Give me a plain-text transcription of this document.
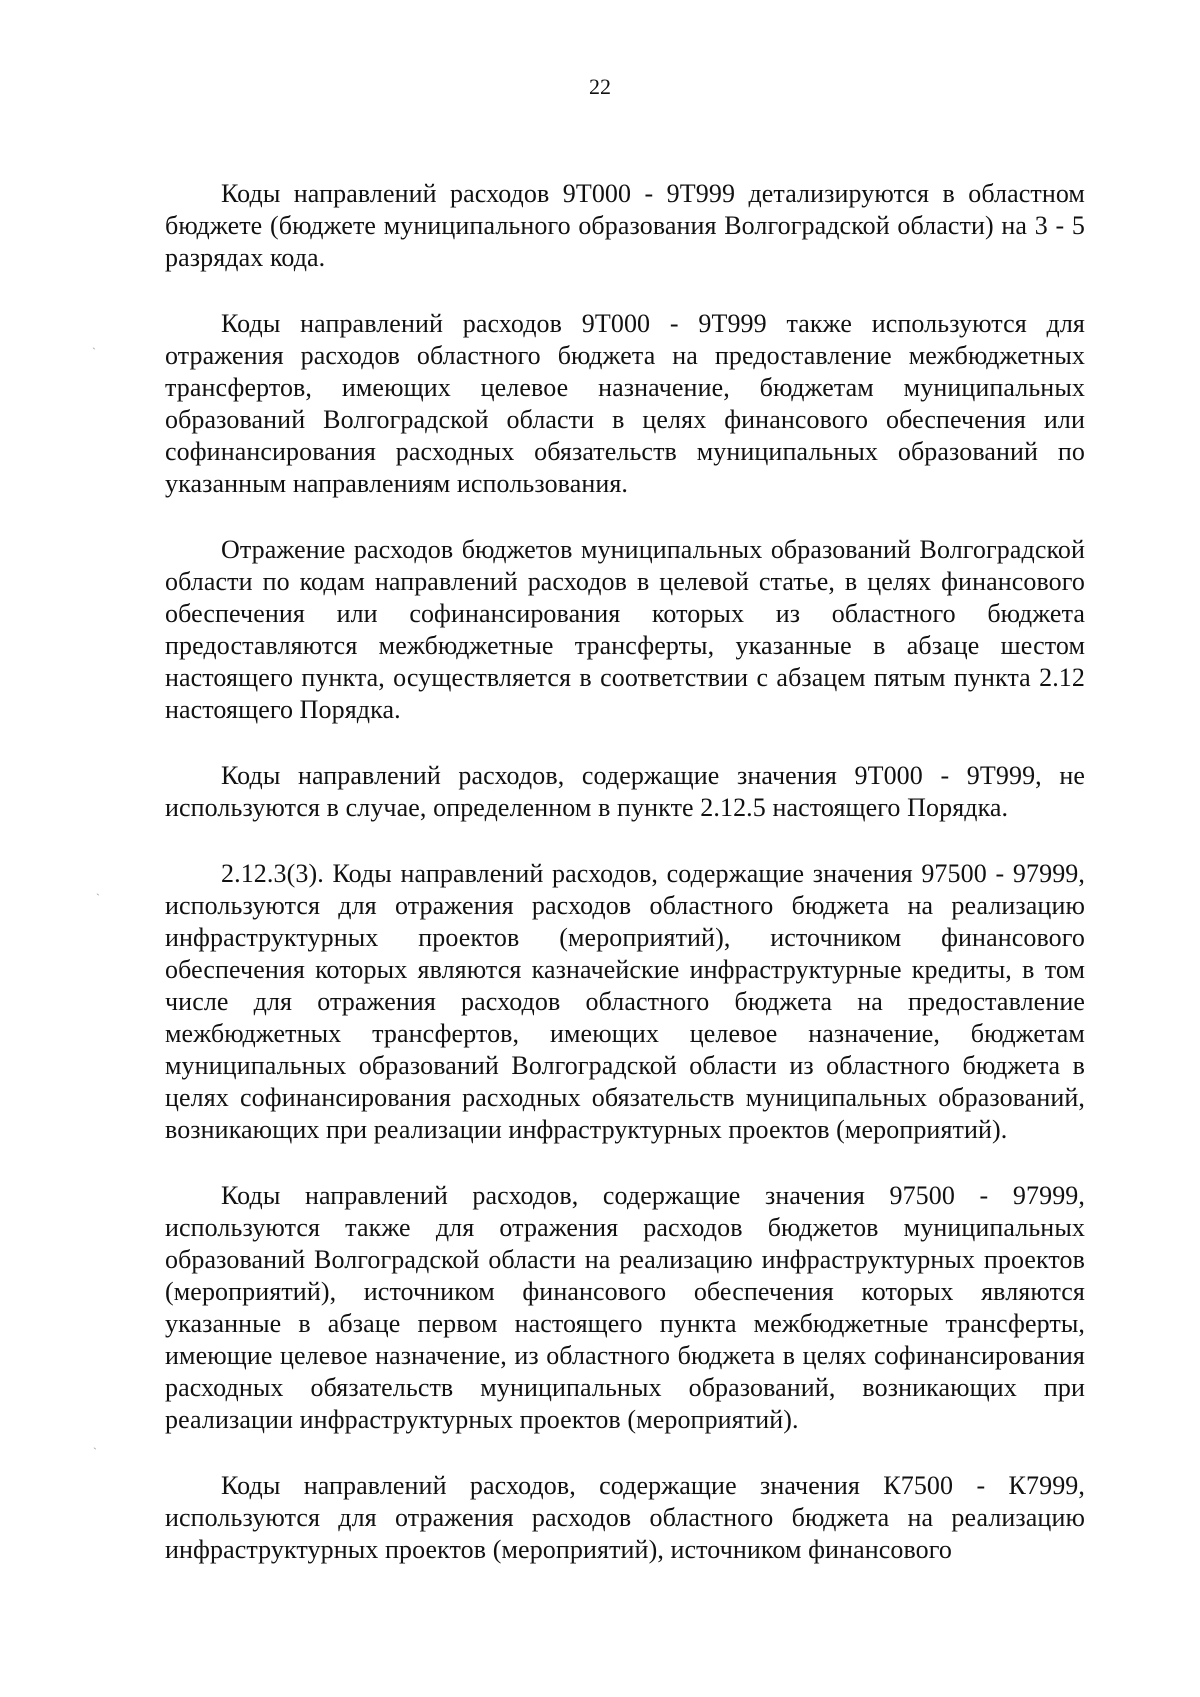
22

Коды направлений расходов 9Т000 - 9Т999 детализируются в областном бюджете (бюджете муниципального образования Волгоградской области) на 3 - 5 разрядах кода.

Коды направлений расходов 9Т000 - 9Т999 также используются для отражения расходов областного бюджета на предоставление межбюджетных трансфертов, имеющих целевое назначение, бюджетам муниципальных образований Волгоградской области в целях финансового обеспечения или софинансирования расходных обязательств муниципальных образований по указанным направлениям использования.

Отражение расходов бюджетов муниципальных образований Волгоградской области по кодам направлений расходов в целевой статье, в целях финансового обеспечения или софинансирования которых из областного бюджета предоставляются межбюджетные трансферты, указанные в абзаце шестом настоящего пункта, осуществляется в соответствии с абзацем пятым пункта 2.12 настоящего Порядка.

Коды направлений расходов, содержащие значения 9Т000 - 9Т999, не используются в случае, определенном в пункте 2.12.5 настоящего Порядка.

2.12.3(3). Коды направлений расходов, содержащие значения 97500 - 97999, используются для отражения расходов областного бюджета на реализацию инфраструктурных проектов (мероприятий), источником финансового обеспечения которых являются казначейские инфраструктурные кредиты, в том числе для отражения расходов областного бюджета на предоставление межбюджетных трансфертов, имеющих целевое назначение, бюджетам муниципальных образований Волгоградской области из областного бюджета в целях софинансирования расходных обязательств муниципальных образований, возникающих при реализации инфраструктурных проектов (мероприятий).

Коды направлений расходов, содержащие значения 97500 - 97999, используются также для отражения расходов бюджетов муниципальных образований Волгоградской области на реализацию инфраструктурных проектов (мероприятий), источником финансового обеспечения которых являются указанные в абзаце первом настоящего пункта межбюджетные трансферты, имеющие целевое назначение, из областного бюджета в целях софинансирования расходных обязательств муниципальных образований, возникающих при реализации инфраструктурных проектов (мероприятий).

Коды направлений расходов, содержащие значения К7500 - К7999, используются для отражения расходов областного бюджета на реализацию инфраструктурных проектов (мероприятий), источником финансового

ˎ
ˎ
ˎ
